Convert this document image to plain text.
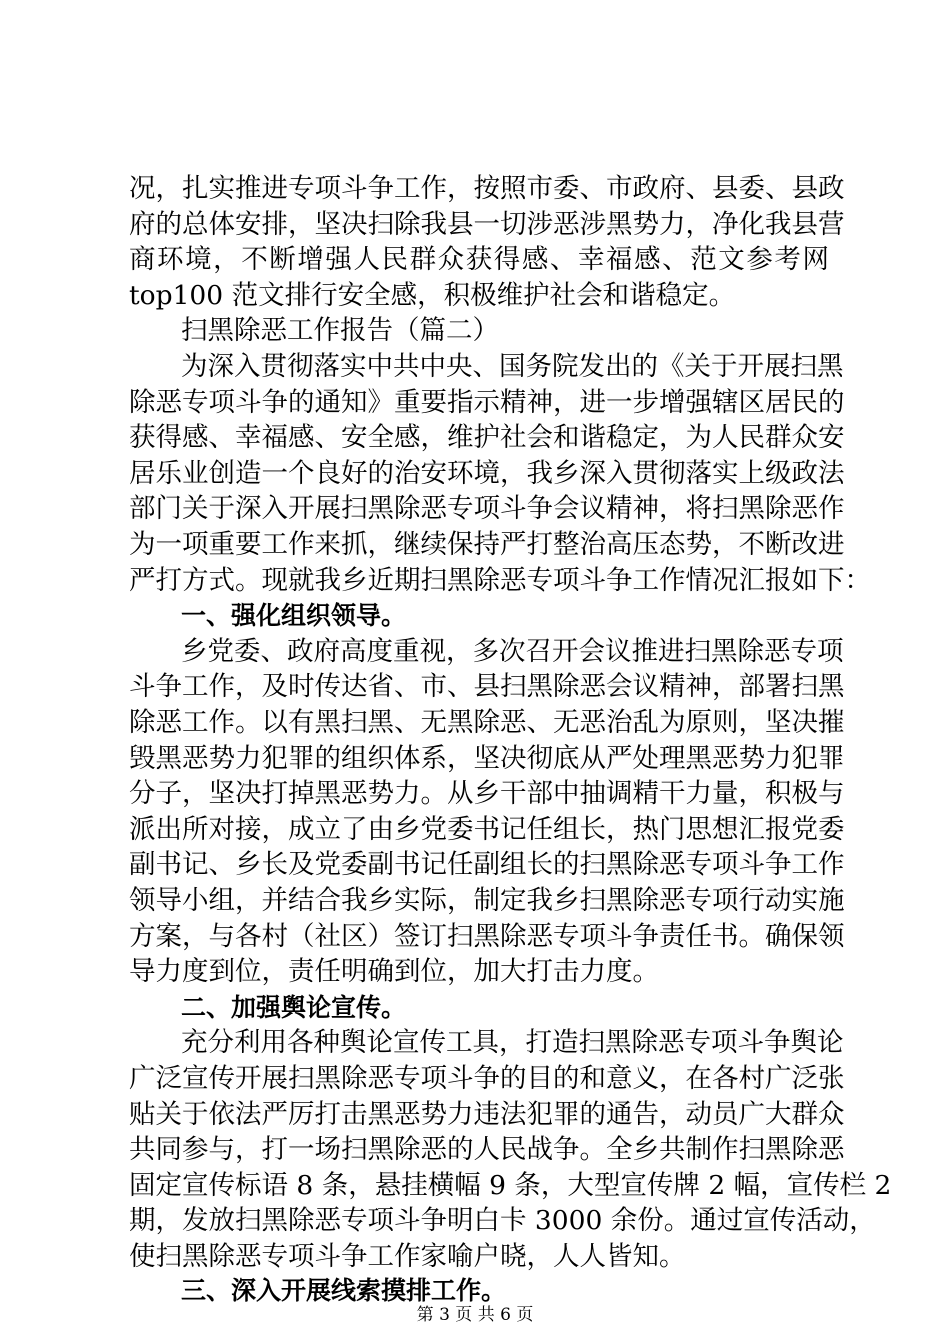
况，扎实推进专项斗争工作，按照市委、市政府、县委、县政
府的总体安排，坚决扫除我县一切涉恶涉黑势力，净化我县营
商环境，不断增强人民群众获得感、幸福感、范文参考网
top100 范文排行安全感，积极维护社会和谐稳定。
扫黑除恶工作报告（篇二）
为深入贯彻落实中共中央、国务院发出的《关于开展扫黑
除恶专项斗争的通知》重要指示精神，进一步增强辖区居民的
获得感、幸福感、安全感，维护社会和谐稳定，为人民群众安
居乐业创造一个良好的治安环境，我乡深入贯彻落实上级政法
部门关于深入开展扫黑除恶专项斗争会议精神，将扫黑除恶作
为一项重要工作来抓，继续保持严打整治高压态势，不断改进
严打方式。现就我乡近期扫黑除恶专项斗争工作情况汇报如下：
一、强化组织领导。
乡党委、政府高度重视，多次召开会议推进扫黑除恶专项
斗争工作，及时传达省、市、县扫黑除恶会议精神，部署扫黑
除恶工作。以有黑扫黑、无黑除恶、无恶治乱为原则，坚决摧
毁黑恶势力犯罪的组织体系，坚决彻底从严处理黑恶势力犯罪
分子，坚决打掉黑恶势力。从乡干部中抽调精干力量，积极与
派出所对接，成立了由乡党委书记任组长，热门思想汇报党委
副书记、乡长及党委副书记任副组长的扫黑除恶专项斗争工作
领导小组，并结合我乡实际，制定我乡扫黑除恶专项行动实施
方案，与各村（社区）签订扫黑除恶专项斗争责任书。确保领
导力度到位，责任明确到位，加大打击力度。
二、加强舆论宣传。
充分利用各种舆论宣传工具，打造扫黑除恶专项斗争舆论
广泛宣传开展扫黑除恶专项斗争的目的和意义，在各村广泛张
贴关于依法严厉打击黑恶势力违法犯罪的通告，动员广大群众
共同参与，打一场扫黑除恶的人民战争。全乡共制作扫黑除恶
固定宣传标语 8 条，悬挂横幅 9 条，大型宣传牌 2 幅，宣传栏 2
期，发放扫黑除恶专项斗争明白卡 3000 余份。通过宣传活动，
使扫黑除恶专项斗争工作家喻户晓，人人皆知。
三、深入开展线索摸排工作。
第 3 页 共 6 页
